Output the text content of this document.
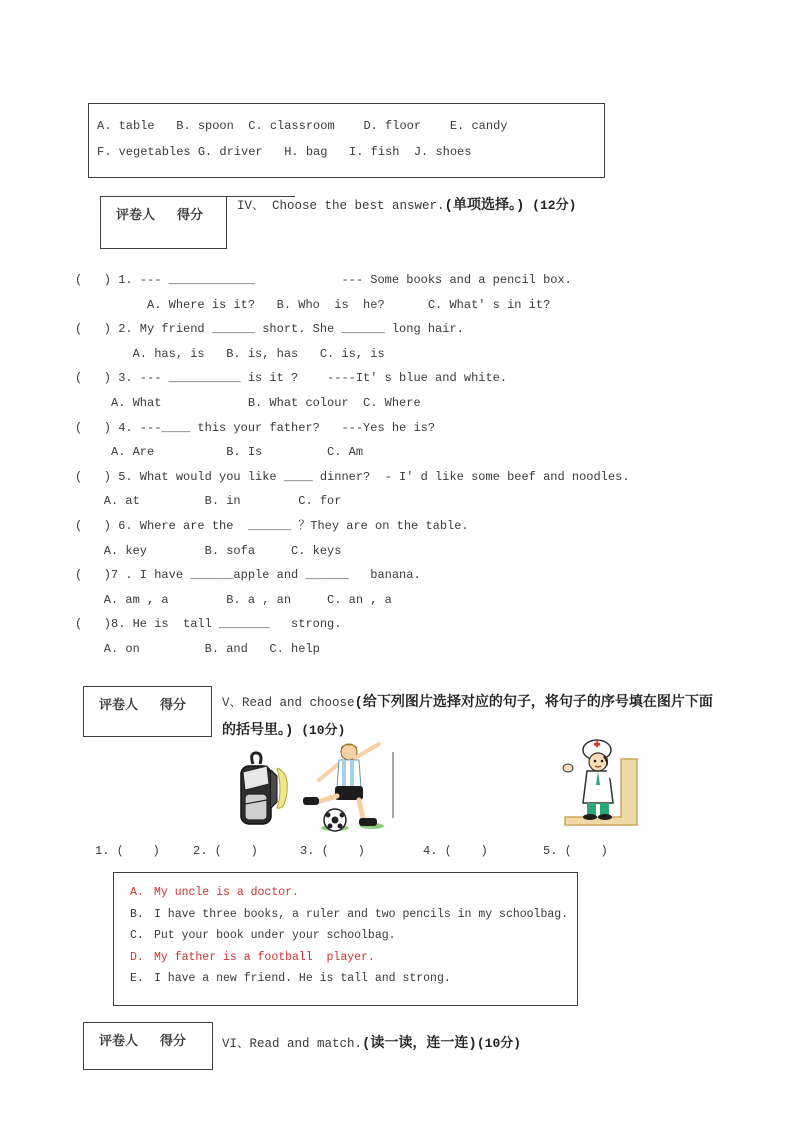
A. table   B. spoon  C. classroom    D. floor    E. candy
F. vegetables G. driver   H. bag   I. fish  J. shoes
评卷人 得分
IV、 Choose the best answer.(单项选择。) (12分)
(   ) 1. --- ____________            --- Some books and a pencil box.
A. Where is it?   B. Who  is  he?      C. What' s in it?
(   ) 2. My friend ______ short. She ______ long hair.
A. has, is   B. is, has   C. is, is
(   ) 3. --- __________ is it ?    ----It' s blue and white.
A. What            B. What colour  C. Where
(   ) 4. ---____ this your father?   ---Yes he is?
A. Are          B. Is         C. Am
(   ) 5. What would you like ____ dinner?  - I' d like some beef and noodles.
A. at         B. in        C. for
(   ) 6. Where are the  ______ ？They are on the table.
A. key        B. sofa     C. keys
(   )7 . I have ______apple and ______   banana.
A. am , a        B. a , an     C. an , a
(   )8. He is  tall _______   strong.
A. on         B. and   C. help
评卷人 得分	V、Read and choose(给下列图片选择对应的句子，将句子的序号填在图片下面的括号里。) (10分)
1. (    )	2. (    )	3. (    )	4. (    )	5. (    )
A. My uncle is a doctor.
B. I have three books, a ruler and two pencils in my schoolbag.
C. Put your book under your schoolbag.
D. My father is a football  player.
E. I have a new friend. He is tall and strong.
评卷人 得分	VI、Read and match.(读一读，连一连)(10分)
